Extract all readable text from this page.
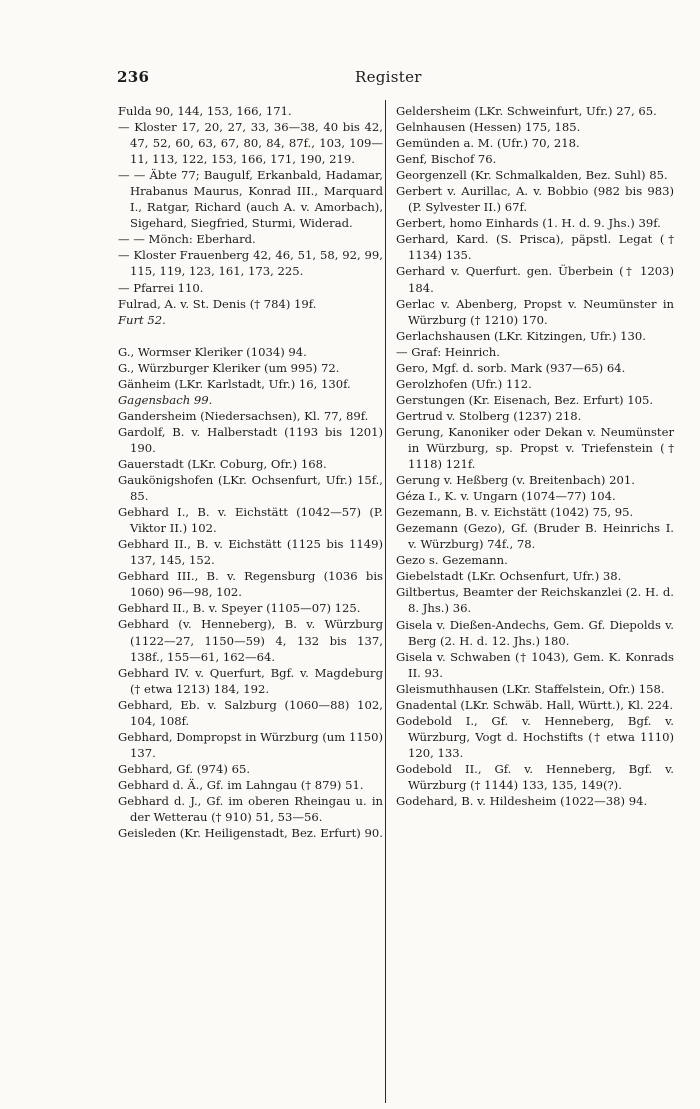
236	Register
Fulda 90, 144, 153, 166, 171.
— Kloster 17, 20, 27, 33, 36—38, 40 bis 42, 47, 52, 60, 63, 67, 80, 84, 87f., 103, 109—11, 113, 122, 153, 166, 171, 190, 219.
— — Äbte 77; Baugulf, Erkanbald, Hadamar, Hrabanus Maurus, Konrad III., Marquard I., Ratgar, Richard (auch A. v. Amorbach), Sigehard, Siegfried, Sturmi, Widerad.
— — Mönch: Eberhard.
— Kloster Frauenberg 42, 46, 51, 58, 92, 99, 115, 119, 123, 161, 173, 225.
— Pfarrei 110.
Fulrad, A. v. St. Denis († 784) 19f.
Furt 52.
G., Wormser Kleriker (1034) 94.
G., Würzburger Kleriker (um 995) 72.
Gänheim (LKr. Karlstadt, Ufr.) 16, 130f.
Gagensbach 99.
Gandersheim (Niedersachsen), Kl. 77, 89f.
Gardolf, B. v. Halberstadt (1193 bis 1201) 190.
Gauerstadt (LKr. Coburg, Ofr.) 168.
Gaukönigshofen (LKr. Ochsenfurt, Ufr.) 15f., 85.
Gebhard I., B. v. Eichstätt (1042—57) (P. Viktor II.) 102.
Gebhard II., B. v. Eichstätt (1125 bis 1149) 137, 145, 152.
Gebhard III., B. v. Regensburg (1036 bis 1060) 96—98, 102.
Gebhard II., B. v. Speyer (1105—07) 125.
Gebhard (v. Henneberg), B. v. Würzburg (1122—27, 1150—59) 4, 132 bis 137, 138f., 155—61, 162—64.
Gebhard IV. v. Querfurt, Bgf. v. Magdeburg († etwa 1213) 184, 192.
Gebhard, Eb. v. Salzburg (1060—88) 102, 104, 108f.
Gebhard, Dompropst in Würzburg (um 1150) 137.
Gebhard, Gf. (974) 65.
Gebhard d. Ä., Gf. im Lahngau († 879) 51.
Gebhard d. J., Gf. im oberen Rheingau u. in der Wetterau († 910) 51, 53—56.
Geisleden (Kr. Heiligenstadt, Bez. Erfurt) 90.
Geldersheim (LKr. Schweinfurt, Ufr.) 27, 65.
Gelnhausen (Hessen) 175, 185.
Gemünden a. M. (Ufr.) 70, 218.
Genf, Bischof 76.
Georgenzell (Kr. Schmalkalden, Bez. Suhl) 85.
Gerbert v. Aurillac, A. v. Bobbio (982 bis 983) (P. Sylvester II.) 67f.
Gerbert, homo Einhards (1. H. d. 9. Jhs.) 39f.
Gerhard, Kard. (S. Prisca), päpstl. Legat († 1134) 135.
Gerhard v. Querfurt. gen. Überbein († 1203) 184.
Gerlac v. Abenberg, Propst v. Neumünster in Würzburg († 1210) 170.
Gerlachshausen (LKr. Kitzingen, Ufr.) 130.
— Graf: Heinrich.
Gero, Mgf. d. sorb. Mark (937—65) 64.
Gerolzhofen (Ufr.) 112.
Gerstungen (Kr. Eisenach, Bez. Erfurt) 105.
Gertrud v. Stolberg (1237) 218.
Gerung, Kanoniker oder Dekan v. Neumünster in Würzburg, sp. Propst v. Triefenstein († 1118) 121f.
Gerung v. Heßberg (v. Breitenbach) 201.
Géza I., K. v. Ungarn (1074—77) 104.
Gezemann, B. v. Eichstätt (1042) 75, 95.
Gezemann (Gezo), Gf. (Bruder B. Heinrichs I. v. Würzburg) 74f., 78.
Gezo s. Gezemann.
Giebelstadt (LKr. Ochsenfurt, Ufr.) 38.
Giltbertus, Beamter der Reichskanzlei (2. H. d. 8. Jhs.) 36.
Gisela v. Dießen-Andechs, Gem. Gf. Diepolds v. Berg (2. H. d. 12. Jhs.) 180.
Gisela v. Schwaben († 1043), Gem. K. Konrads II. 93.
Gleismuthhausen (LKr. Staffelstein, Ofr.) 158.
Gnadental (LKr. Schwäb. Hall, Württ.), Kl. 224.
Godebold I., Gf. v. Henneberg, Bgf. v. Würzburg, Vogt d. Hochstifts († etwa 1110) 120, 133.
Godebold II., Gf. v. Henneberg, Bgf. v. Würzburg († 1144) 133, 135, 149(?).
Godehard, B. v. Hildesheim (1022—38) 94.
